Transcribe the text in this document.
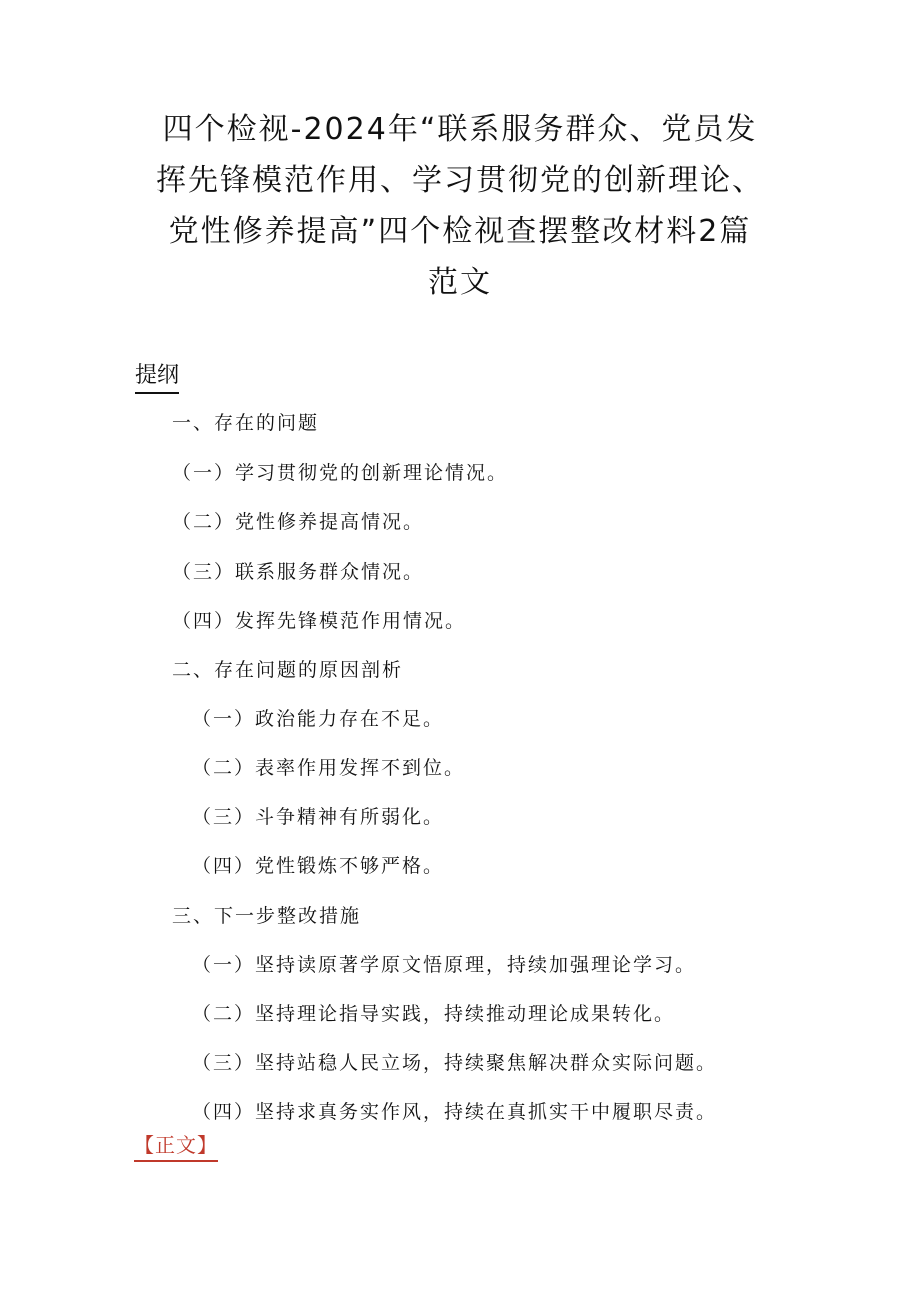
四个检视-2024年“联系服务群众、党员发
挥先锋模范作用、学习贯彻党的创新理论、
党性修养提高”四个检视查摆整改材料2篇
范文
提纲
一、存在的问题
（一）学习贯彻党的创新理论情况。
（二）党性修养提高情况。
（三）联系服务群众情况。
（四）发挥先锋模范作用情况。
二、存在问题的原因剖析
（一）政治能力存在不足。
（二）表率作用发挥不到位。
（三）斗争精神有所弱化。
（四）党性锻炼不够严格。
三、下一步整改措施
（一）坚持读原著学原文悟原理，持续加强理论学习。
（二）坚持理论指导实践，持续推动理论成果转化。
（三）坚持站稳人民立场，持续聚焦解决群众实际问题。
（四）坚持求真务实作风，持续在真抓实干中履职尽责。
【正文】
